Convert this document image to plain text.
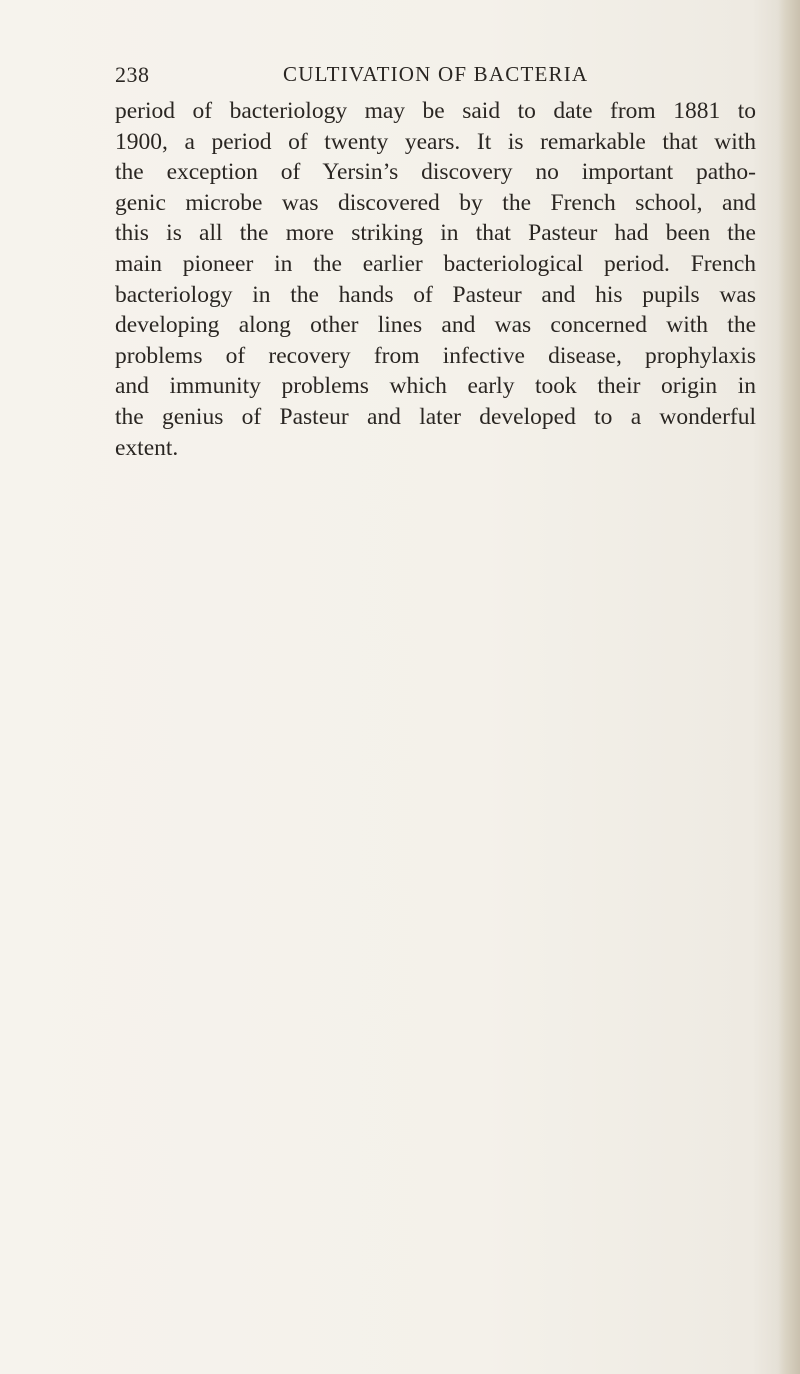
238	CULTIVATION OF BACTERIA
period of bacteriology may be said to date from 1881 to
1900, a period of twenty years. It is remarkable that with
the exception of Yersin’s discovery no important patho-
genic microbe was discovered by the French school, and
this is all the more striking in that Pasteur had been the
main pioneer in the earlier bacteriological period. French
bacteriology in the hands of Pasteur and his pupils was
developing along other lines and was concerned with the
problems of recovery from infective disease, prophylaxis
and immunity problems which early took their origin in
the genius of Pasteur and later developed to a wonderful
extent.
